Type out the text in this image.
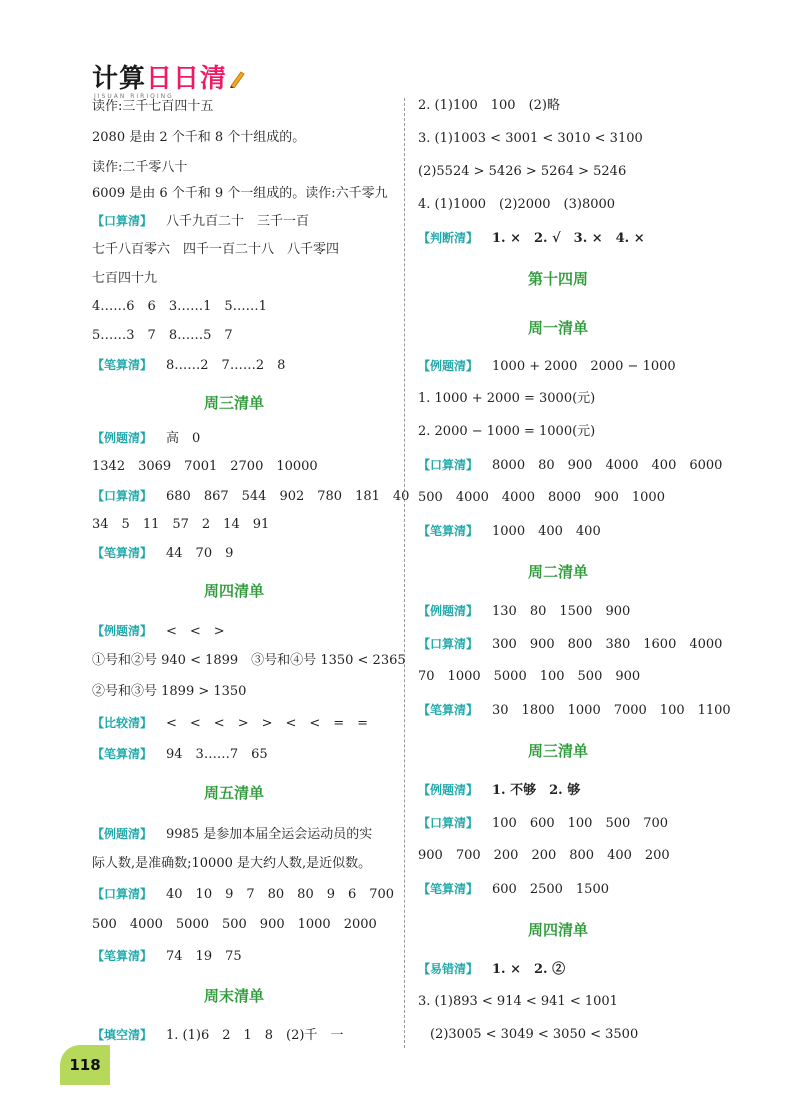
计算日日清
JISUAN RIRIQING
读作:三千七百四十五
2080 是由 2 个千和 8 个十组成的。
读作:二千零八十
6009 是由 6 个千和 9 个一组成的。读作:六千零九
【口算清】 八千九百二十　三千一百
七千八百零六　四千一百二十八　八千零四
七百四十九
4……6　6　3……1　5……1
5……3　7　8……5　7
【笔算清】 8……2　7……2　8
周三清单
【例题清】 高　0
1342　3069　7001　2700　10000
【口算清】 680　867　544　902　780　181　40
34　5　11　57　2　14　91
【笔算清】 44　70　9
周四清单
【例题清】 <　<　>
①号和②号 940 < 1899　③号和④号 1350 < 2365
②号和③号 1899 > 1350
【比较清】 <　<　<　>　>　<　<　=　=
【笔算清】 94　3……7　65
周五清单
【例题清】 9985 是参加本届全运会运动员的实
际人数,是准确数;10000 是大约人数,是近似数。
【口算清】 40　10　9　7　80　80　9　6　700
500　4000　5000　500　900　1000　2000
【笔算清】 74　19　75
周末清单
【填空清】 1. (1)6　2　1　8　(2)千　一
2. (1)100　100　(2)略
3. (1)1003 < 3001 < 3010 < 3100
(2)5524 > 5426 > 5264 > 5246
4. (1)1000　(2)2000　(3)8000
【判断清】 1. ×　2. √　3. ×　4. ×
第十四周
周一清单
【例题清】 1000 + 2000　2000 − 1000
1. 1000 + 2000 = 3000(元)
2. 2000 − 1000 = 1000(元)
【口算清】 8000　80　900　4000　400　6000
500　4000　4000　8000　900　1000
【笔算清】 1000　400　400
周二清单
【例题清】 130　80　1500　900
【口算清】 300　900　800　380　1600　4000
70　1000　5000　100　500　900
【笔算清】 30　1800　1000　7000　100　1100
周三清单
【例题清】 1. 不够　2. 够
【口算清】 100　600　100　500　700
900　700　200　200　800　400　200
【笔算清】 600　2500　1500
周四清单
【易错清】 1. ×　2. ②
3. (1)893 < 914 < 941 < 1001
(2)3005 < 3049 < 3050 < 3500
118
